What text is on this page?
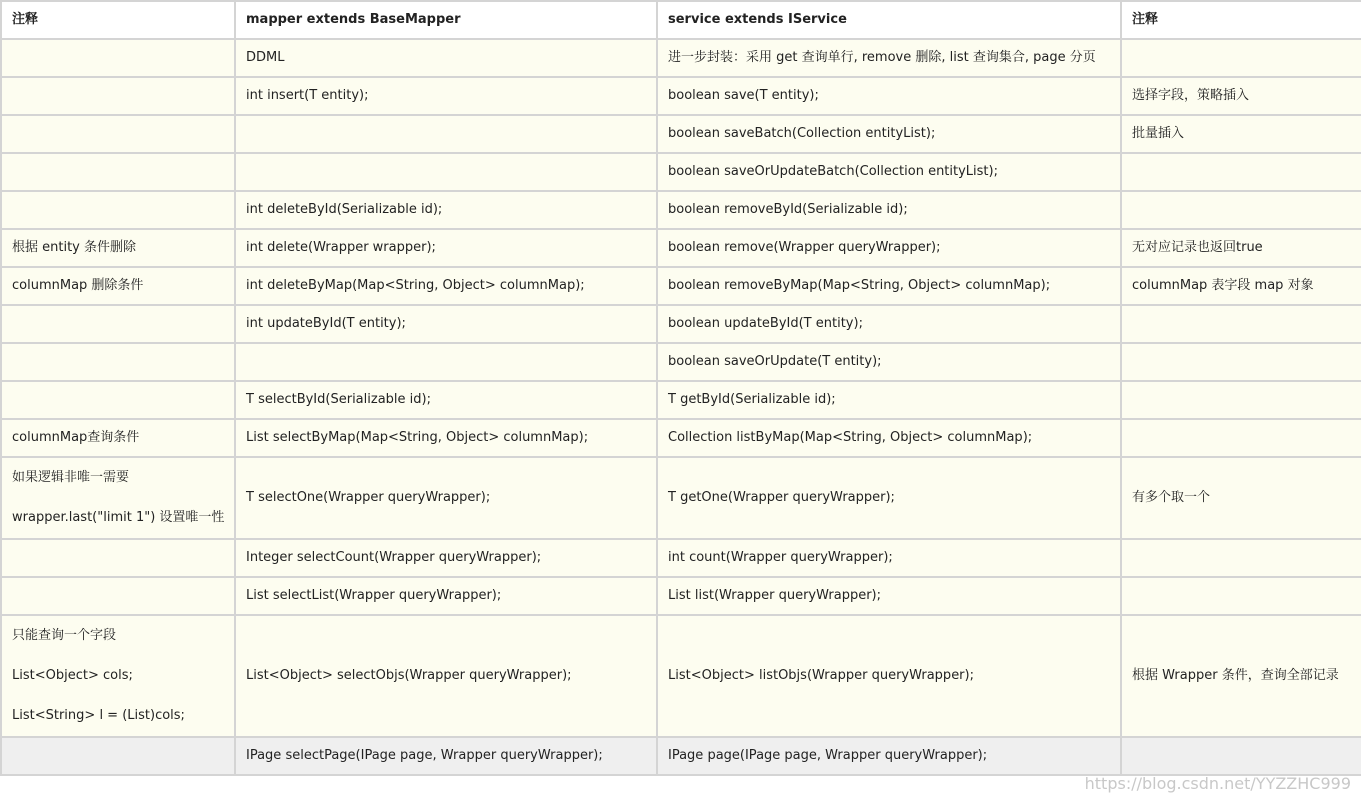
注释	mapper extends BaseMapper	service extends IService	注释
	DDML	进一步封装：采用 get 查询单行, remove 删除, list 查询集合, page 分页	
	int insert(T entity);	boolean save(T entity);	选择字段，策略插入
		boolean saveBatch(Collection entityList);	批量插入
		boolean saveOrUpdateBatch(Collection entityList);	
	int deleteById(Serializable id);	boolean removeById(Serializable id);	
根据 entity 条件删除	int delete(Wrapper wrapper);	boolean remove(Wrapper queryWrapper);	无对应记录也返回true
columnMap 删除条件	int deleteByMap(Map<String, Object> columnMap);	boolean removeByMap(Map<String, Object> columnMap);	columnMap 表字段 map 对象
	int updateById(T entity);	boolean updateById(T entity);	
		boolean saveOrUpdate(T entity);	
	T selectById(Serializable id);	T getById(Serializable id);	
columnMap查询条件	List selectByMap(Map<String, Object> columnMap);	Collection listByMap(Map<String, Object> columnMap);	

如果逻辑非唯一需要
wrapper.last("limit 1") 设置唯一性	T selectOne(Wrapper queryWrapper);	T getOne(Wrapper queryWrapper);	有多个取一个
	Integer selectCount(Wrapper queryWrapper);	int count(Wrapper queryWrapper);	
	List selectList(Wrapper queryWrapper);	List list(Wrapper queryWrapper);	

只能查询一个字段
List<Object> cols;
List<String> l = (List)cols;	List<Object> selectObjs(Wrapper queryWrapper);	List<Object> listObjs(Wrapper queryWrapper);	根据 Wrapper 条件，查询全部记录
	IPage selectPage(IPage page, Wrapper queryWrapper);	IPage page(IPage page, Wrapper queryWrapper);	
https://blog.csdn.net/YYZZHC999
